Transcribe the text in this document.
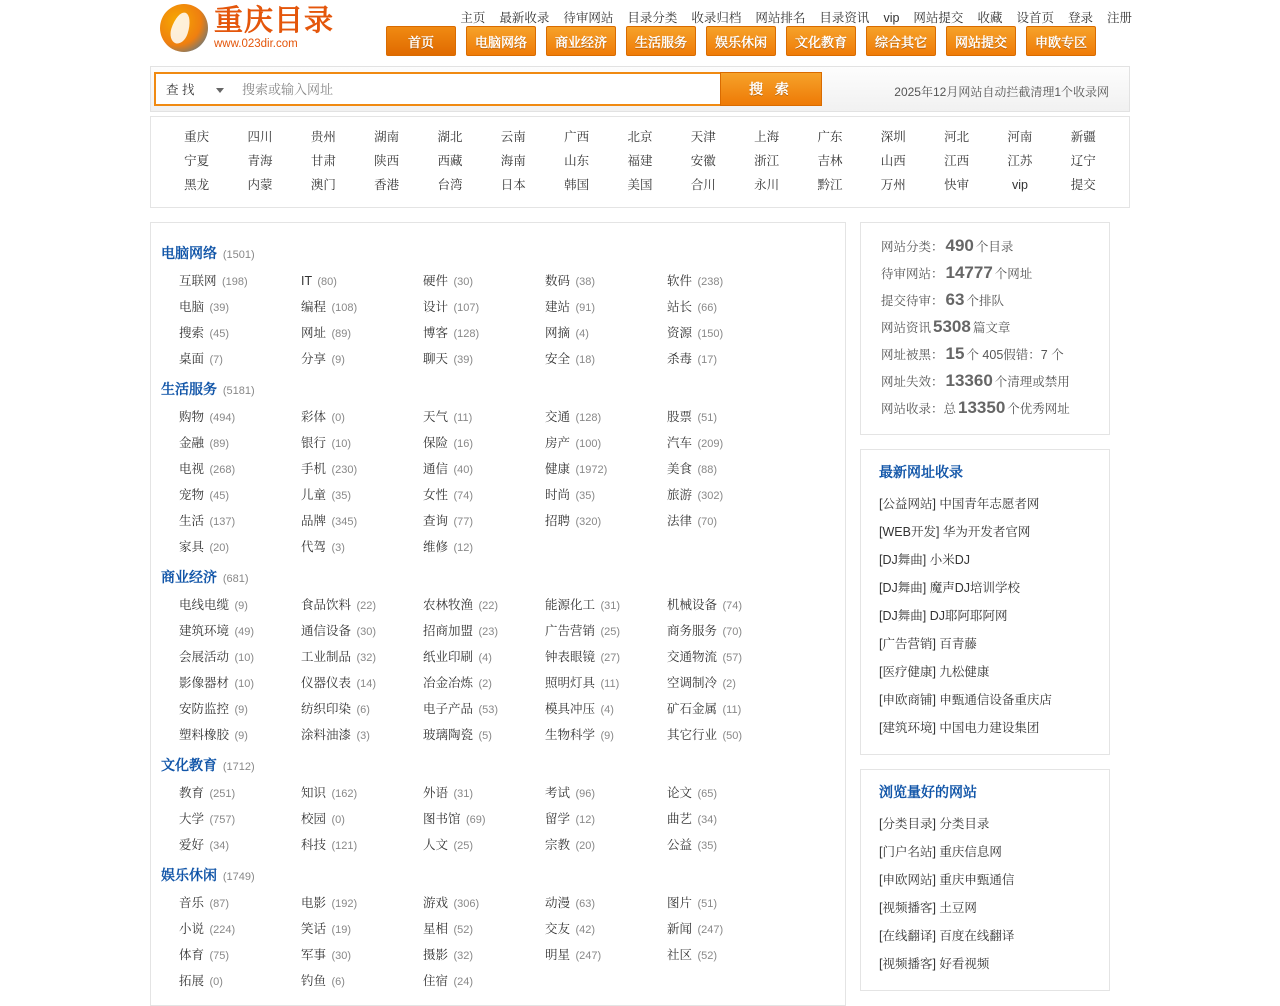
重庆目录
www.023dir.com
主页 最新收录 待审网站 目录分类 收录归档 网站排名 目录资讯 vip 网站提交 收藏 设首页 登录 注册
首页	电脑网络	商业经济	生活服务	娱乐休闲	文化教育	综合其它	网站提交	申欧专区
查 找
搜索或输入网址	搜 索	2025年12月网站自动拦截清理1个收录网
重庆	四川	贵州	湖南	湖北	云南	广西	北京	天津	上海	广东	深圳	河北	河南	新疆
宁夏	青海	甘肃	陕西	西藏	海南	山东	福建	安徽	浙江	吉林	山西	江西	江苏	辽宁
黑龙	内蒙	澳门	香港	台湾	日本	韩国	美国	合川	永川	黔江	万州	快审	vip	提交
电脑网络 (1501)
互联网 (198)	IT (80)	硬件 (30)	数码 (38)	软件 (238)
电脑 (39)	编程 (108)	设计 (107)	建站 (91)	站长 (66)
搜索 (45)	网址 (89)	博客 (128)	网摘 (4)	资源 (150)
桌面 (7)	分享 (9)	聊天 (39)	安全 (18)	杀毒 (17)
生活服务 (5181)
购物 (494)	彩体 (0)	天气 (11)	交通 (128)	股票 (51)
金融 (89)	银行 (10)	保险 (16)	房产 (100)	汽车 (209)
电视 (268)	手机 (230)	通信 (40)	健康 (1972)	美食 (88)
宠物 (45)	儿童 (35)	女性 (74)	时尚 (35)	旅游 (302)
生活 (137)	品牌 (345)	查询 (77)	招聘 (320)	法律 (70)
家具 (20)	代驾 (3)	维修 (12)
商业经济 (681)
电线电缆 (9)	食品饮料 (22)	农林牧渔 (22)	能源化工 (31)	机械设备 (74)
建筑环境 (49)	通信设备 (30)	招商加盟 (23)	广告营销 (25)	商务服务 (70)
会展活动 (10)	工业制品 (32)	纸业印刷 (4)	钟表眼镜 (27)	交通物流 (57)
影像器材 (10)	仪器仪表 (14)	冶金冶炼 (2)	照明灯具 (11)	空调制冷 (2)
安防监控 (9)	纺织印染 (6)	电子产品 (53)	模具冲压 (4)	矿石金属 (11)
塑料橡胶 (9)	涂料油漆 (3)	玻璃陶瓷 (5)	生物科学 (9)	其它行业 (50)
文化教育 (1712)
教育 (251)	知识 (162)	外语 (31)	考试 (96)	论文 (65)
大学 (757)	校园 (0)	图书馆 (69)	留学 (12)	曲艺 (34)
爱好 (34)	科技 (121)	人文 (25)	宗教 (20)	公益 (35)
娱乐休闲 (1749)
音乐 (87)	电影 (192)	游戏 (306)	动漫 (63)	图片 (51)
小说 (224)	笑话 (19)	星相 (52)	交友 (42)	新闻 (247)
体育 (75)	军事 (30)	摄影 (32)	明星 (247)	社区 (52)
拓展 (0)	钓鱼 (6)	住宿 (24)
网站分类： 490 个目录
待审网站： 14777 个网址
提交待审： 63 个排队
网站资讯 5308 篇文章
网址被黑： 15 个 405假错：7 个
网址失效： 13360 个清理或禁用
网站收录：总 13350 个优秀网址
最新网址收录
[公益网站] 中国青年志愿者网
[WEB开发] 华为开发者官网
[DJ舞曲] 小米DJ
[DJ舞曲] 魔声DJ培训学校
[DJ舞曲] DJ耶阿耶阿网
[广告营销] 百青藤
[医疗健康] 九松健康
[申欧商铺] 申甄通信设备重庆店
[建筑环境] 中国电力建设集团
浏览量好的网站
[分类目录] 分类目录
[门户名站] 重庆信息网
[申欧网站] 重庆申甄通信
[视频播客] 土豆网
[在线翻译] 百度在线翻译
[视频播客] 好看视频
